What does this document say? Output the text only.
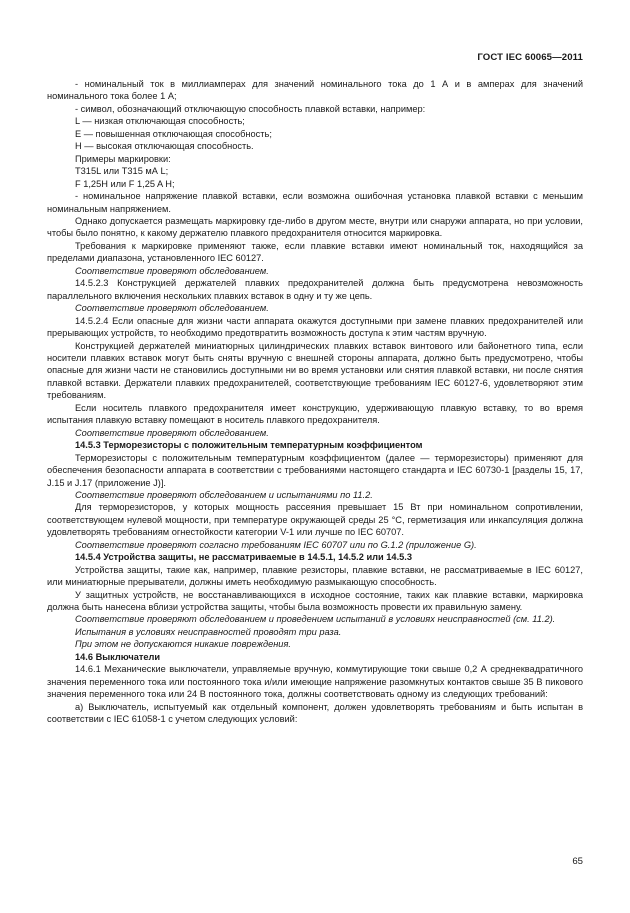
ГОСТ IEC 60065—2011

- номинальный ток в миллиамперах для значений номинального тока до 1 А и в амперах для значений номинального тока более 1 А;

- символ, обозначающий отключающую способность плавкой вставки, например:

L — низкая отключающая способность;

E — повышенная отключающая способность;

H — высокая отключающая способность.

Примеры маркировки:

T315L или T315 мА L;

F 1,25H или F 1,25 A H;

- номинальное напряжение плавкой вставки, если возможна ошибочная установка плавкой вставки с меньшим номинальным напряжением.

Однако допускается размещать маркировку где-либо в другом месте, внутри или снаружи аппарата, но при условии, чтобы было понятно, к какому держателю плавкого предохранителя относится маркировка.

Требования к маркировке применяют также, если плавкие вставки имеют номинальный ток, находящийся за пределами диапазона, установленного IEC 60127.

Соответствие проверяют обследованием.

14.5.2.3 Конструкцией держателей плавких предохранителей должна быть предусмотрена невозможность параллельного включения нескольких плавких вставок в одну и ту же цепь.

Соответствие проверяют обследованием.

14.5.2.4 Если опасные для жизни части аппарата окажутся доступными при замене плавких предохранителей или прерывающих устройств, то необходимо предотвратить возможность доступа к этим частям вручную.

Конструкцией держателей миниатюрных цилиндрических плавких вставок винтового или байонетного типа, если носители плавких вставок могут быть сняты вручную с внешней стороны аппарата, должно быть предусмотрено, чтобы опасные для жизни части не становились доступными ни во время установки или снятия плавкой вставки, ни после снятия плавкой вставки. Держатели плавких предохранителей, соответствующие требованиям IEC 60127-6, удовлетворяют этим требованиям.

Если носитель плавкого предохранителя имеет конструкцию, удерживающую плавкую вставку, то во время испытания плавкую вставку помещают в носитель плавкого предохранителя.

Соответствие проверяют обследованием.

14.5.3 Терморезисторы с положительным температурным коэффициентом

Терморезисторы с положительным температурным коэффициентом (далее — терморезисторы) применяют для обеспечения безопасности аппарата в соответствии с требованиями настоящего стандарта и IEC 60730-1 [разделы 15, 17, J.15 и J.17 (приложение J)].

Соответствие проверяют обследованием и испытаниями по 11.2.

Для терморезисторов, у которых мощность рассеяния превышает 15 Вт при номинальном сопротивлении, соответствующем нулевой мощности, при температуре окружающей среды 25 °С, герметизация или инкапсуляция должна удовлетворять требованиям огнестойкости категории V-1 или лучше по IEC 60707.

Соответствие проверяют согласно требованиям IEC 60707 или по G.1.2 (приложение G).

14.5.4 Устройства защиты, не рассматриваемые в 14.5.1, 14.5.2 или 14.5.3

Устройства защиты, такие как, например, плавкие резисторы, плавкие вставки, не рассматриваемые в IEC 60127, или миниатюрные прерыватели, должны иметь необходимую размыкающую способность.

У защитных устройств, не восстанавливающихся в исходное состояние, таких как плавкие вставки, маркировка должна быть нанесена вблизи устройства защиты, чтобы была возможность провести их правильную замену.

Соответствие проверяют обследованием и проведением испытаний в условиях неисправностей (см. 11.2).

Испытания в условиях неисправностей проводят три раза.

При этом не допускаются никакие повреждения.

14.6 Выключатели

14.6.1 Механические выключатели, управляемые вручную, коммутирующие токи свыше 0,2 А среднеквадратичного значения переменного тока или постоянного тока и/или имеющие напряжение разомкнутых контактов свыше 35 В пикового значения переменного тока или 24 В постоянного тока, должны соответствовать одному из следующих требований:

а) Выключатель, испытуемый как отдельный компонент, должен удовлетворять требованиям и быть испытан в соответствии с IEC 61058-1 с учетом следующих условий:

65
